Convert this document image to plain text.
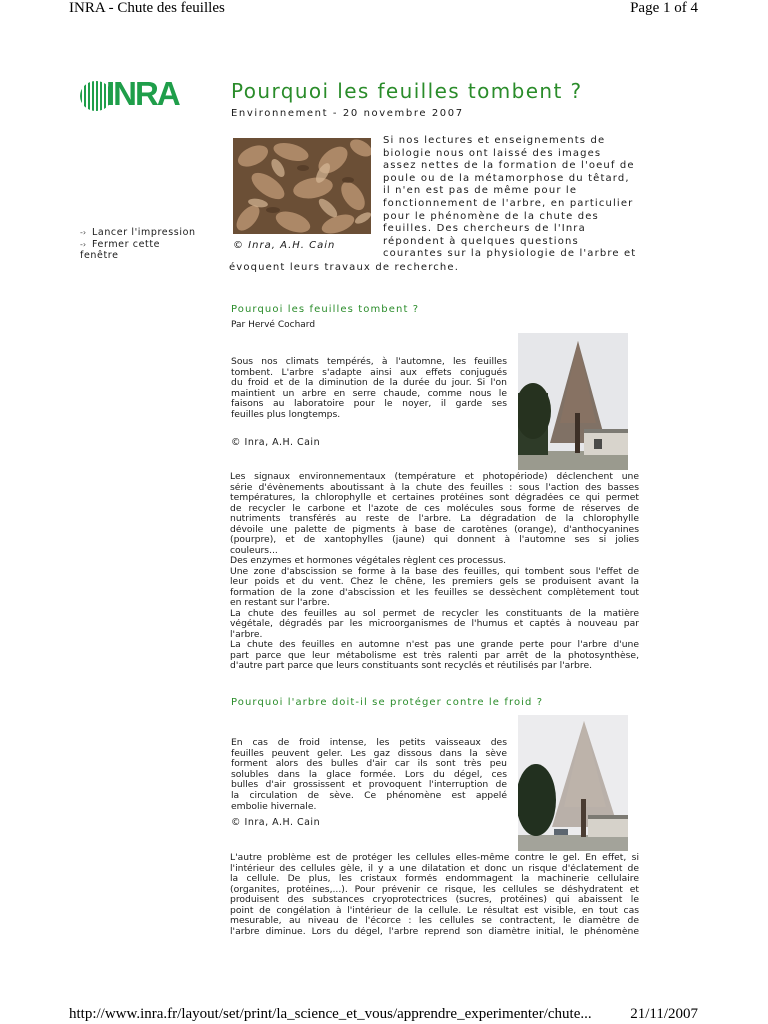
INRA - Chute des feuilles	Page 1 of 4
INRA
-› Lancer l'impression
-› Fermer cette fenêtre
Pourquoi les feuilles tombent ?
Environnement - 20 novembre 2007
© Inra, A.H. Cain
Si nos lectures et enseignements de
biologie nous ont laissé des images
assez nettes de la formation de l'oeuf de
poule ou de la métamorphose du têtard,
il n'en est pas de même pour le
fonctionnement de l'arbre, en particulier
pour le phénomène de la chute des
feuilles. Des chercheurs de l'Inra
répondent à quelques questions
courantes sur la physiologie de l'arbre et
évoquent leurs travaux de recherche.
Pourquoi les feuilles tombent ?
Par Hervé Cochard
Sous nos climats tempérés, à l'automne, les feuilles
tombent. L'arbre s'adapte ainsi aux effets conjugués
du froid et de la diminution de la durée du jour. Si l'on
maintient un arbre en serre chaude, comme nous le
faisons au laboratoire pour le noyer, il garde ses
feuilles plus longtemps.
© Inra, A.H. Cain
Les signaux environnementaux (température et photopériode) déclenchent une
série d'évènements aboutissant à la chute des feuilles : sous l'action des basses
températures, la chlorophylle et certaines protéines sont dégradées ce qui permet
de recycler le carbone et l'azote de ces molécules sous forme de réserves de
nutriments transférés au reste de l'arbre. La dégradation de la chlorophylle
dévoile une palette de pigments à base de carotènes (orange), d'anthocyanines
(pourpre), et de xantophylles (jaune) qui donnent à l'automne ses si jolies
couleurs...
Des enzymes et hormones végétales règlent ces processus.
Une zone d'abscission se forme à la base des feuilles, qui tombent sous l'effet de
leur poids et du vent. Chez le chêne, les premiers gels se produisent avant la
formation de la zone d'abscission et les feuilles se dessèchent complètement tout
en restant sur l'arbre.
La chute des feuilles au sol permet de recycler les constituants de la matière
végétale, dégradés par les microorganismes de l'humus et captés à nouveau par
l'arbre.
La chute des feuilles en automne n'est pas une grande perte pour l'arbre d'une
part parce que leur métabolisme est très ralenti par arrêt de la photosynthèse,
d'autre part parce que leurs constituants sont recyclés et réutilisés par l'arbre.
Pourquoi l'arbre doit-il se protéger contre le froid ?
En cas de froid intense, les petits vaisseaux des
feuilles peuvent geler. Les gaz dissous dans la sève
forment alors des bulles d'air car ils sont très peu
solubles dans la glace formée. Lors du dégel, ces
bulles d'air grossissent et provoquent l'interruption de
la circulation de sève. Ce phénomène est appelé
embolie hivernale.
© Inra, A.H. Cain
L'autre problème est de protéger les cellules elles-même contre le gel. En effet, si
l'intérieur des cellules gèle, il y a une dilatation et donc un risque d'éclatement de
la cellule. De plus, les cristaux formés endommagent la machinerie cellulaire
(organites, protéines,...). Pour prévenir ce risque, les cellules se déshydratent et
produisent des substances cryoprotectrices (sucres, protéines) qui abaissent le
point de congélation à l'intérieur de la cellule. Le résultat est visible, en tout cas
mesurable, au niveau de l'écorce : les cellules se contractent, le diamètre de
l'arbre diminue. Lors du dégel, l'arbre reprend son diamètre initial, le phénomène
http://www.inra.fr/layout/set/print/la_science_et_vous/apprendre_experimenter/chute...	21/11/2007
